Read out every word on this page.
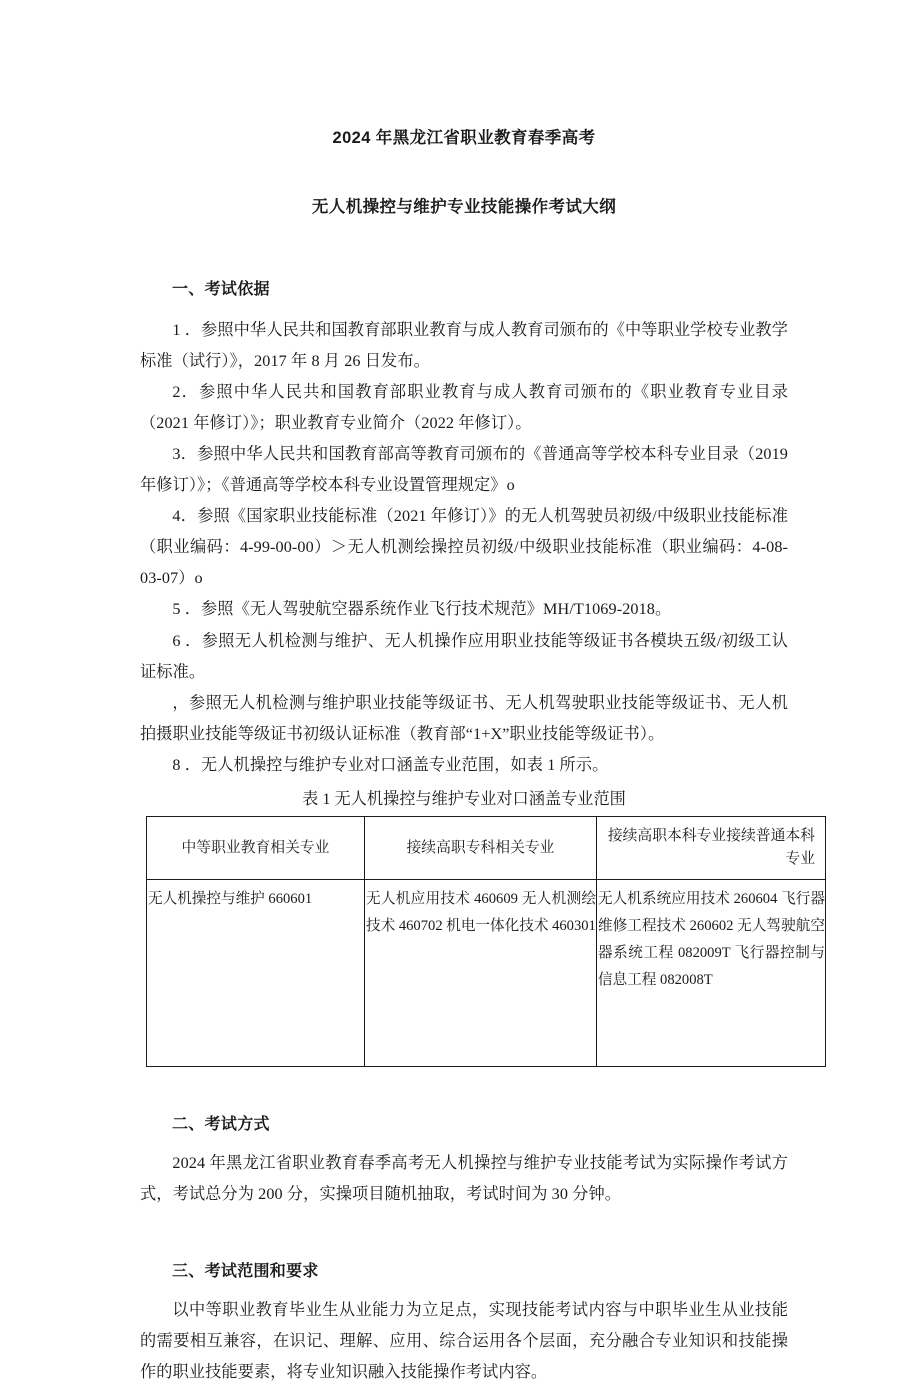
2024 年黑龙江省职业教育春季高考
无人机操控与维护专业技能操作考试大纲
一、考试依据

1 ．参照中华人民共和国教育部职业教育与成人教育司颁布的《中等职业学校专业教学标准（试行）》，2017 年 8 月 26 日发布。

2．参照中华人民共和国教育部职业教育与成人教育司颁布的《职业教育专业目录（2021 年修订）》；职业教育专业简介（2022 年修订）。

3．参照中华人民共和国教育部高等教育司颁布的《普通高等学校本科专业目录（2019 年修订）》；《普通高等学校本科专业设置管理规定》o

4．参照《国家职业技能标准（2021 年修订）》的无人机驾驶员初级/中级职业技能标准（职业编码：4-99-00-00）＞无人机测绘操控员初级/中级职业技能标准（职业编码：4-08-03-07）o

5 ．参照《无人驾驶航空器系统作业飞行技术规范》MH/T1069-2018。

6 ．参照无人机检测与维护、无人机操作应用职业技能等级证书各模块五级/初级工认证标准。

，参照无人机检测与维护职业技能等级证书、无人机驾驶职业技能等级证书、无人机拍摄职业技能等级证书初级认证标准（教育部“1+X”职业技能等级证书）。

8 ．无人机操控与维护专业对口涵盖专业范围，如表 1 所示。

表 1 无人机操控与维护专业对口涵盖专业范围
中等职业教育相关专业	接续高职专科相关专业	接续高职本科专业接续普通本科专业

无人机操控与维护 660601	无人机应用技术 460609 无人机测绘技术 460702 机电一体化技术 460301	无人机系统应用技术 260604 飞行器维修工程技术 260602 无人驾驶航空器系统工程 082009T 飞行器控制与信息工程 082008T
二、考试方式

2024 年黑龙江省职业教育春季高考无人机操控与维护专业技能考试为实际操作考试方式，考试总分为 200 分，实操项目随机抽取，考试时间为 30 分钟。

三、考试范围和要求

以中等职业教育毕业生从业能力为立足点，实现技能考试内容与中职毕业生从业技能的需要相互兼容，在识记、理解、应用、综合运用各个层面，充分融合专业知识和技能操作的职业技能要素，将专业知识融入技能操作考试内容。
